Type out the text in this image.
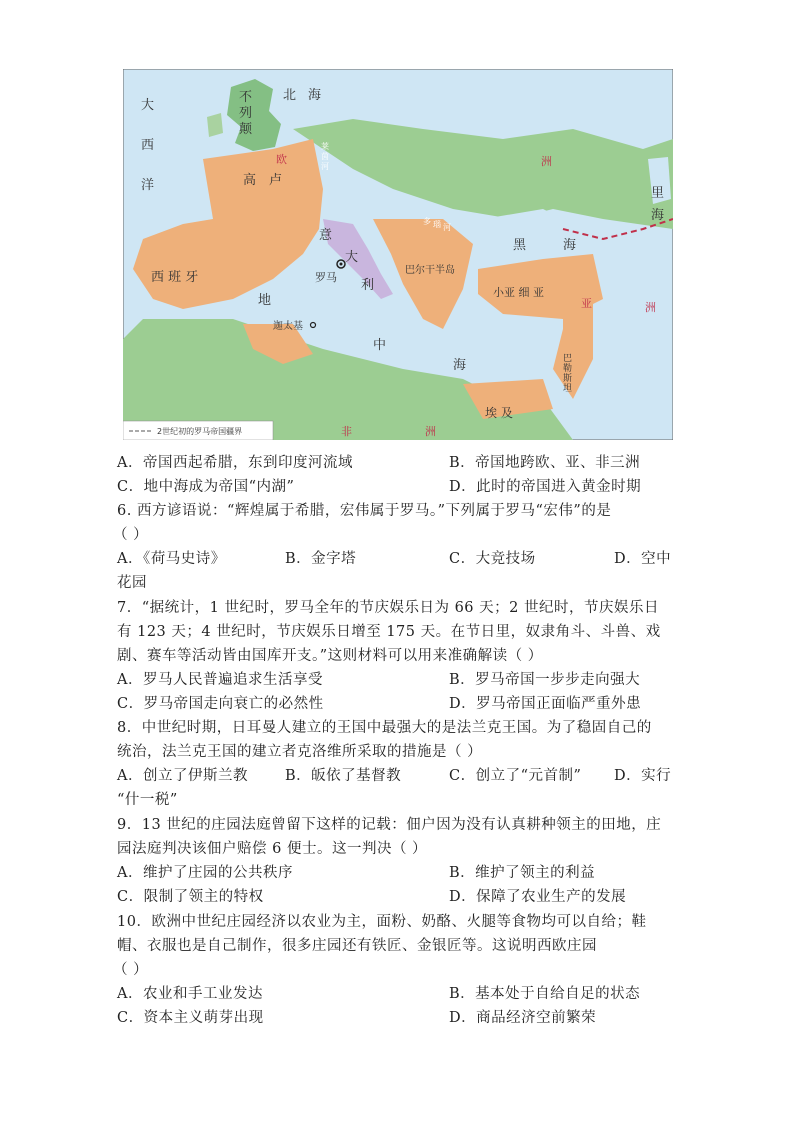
大
西
洋
不
列
颠
北 海
高 卢
意
大
利
罗马
西 班 牙	巴尔干半岛
小亚 细 亚
黑	海
里
海
地
中
海
迦太基
埃 及
巴
勒
斯
坦
欧	洲
亚	洲
非	洲
莱
茵
河
多 瑙 河
2世纪初的罗马帝国疆界
A．帝国西起希腊，东到印度河流域	B．帝国地跨欧、亚、非三洲
C．地中海成为帝国“内湖”	D．此时的帝国进入黄金时期
6. 西方谚语说：“辉煌属于希腊，宏伟属于罗马。”下列属于罗马“宏伟”的是
（ ）
A．《荷马史诗》	B．金字塔	C．大竞技场	D．空中
花园
7．“据统计，1 世纪时，罗马全年的节庆娱乐日为 66 天；2 世纪时，节庆娱乐日
有 123 天；4 世纪时，节庆娱乐日增至 175 天。在节日里，奴隶角斗、斗兽、戏
剧、赛车等活动皆由国库开支。”这则材料可以用来准确解读（ ）
A．罗马人民普遍追求生活享受	B．罗马帝国一步步走向强大
C．罗马帝国走向衰亡的必然性	D．罗马帝国正面临严重外患
8．中世纪时期，日耳曼人建立的王国中最强大的是法兰克王国。为了稳固自己的
统治，法兰克王国的建立者克洛维所采取的措施是（ ）
A．创立了伊斯兰教	B．皈依了基督教	C．创立了“元首制” D．实行
“什一税”
9．13 世纪的庄园法庭曾留下这样的记载：佃户因为没有认真耕种领主的田地，庄
园法庭判决该佃户赔偿 6 便士。这一判决（ ）
A．维护了庄园的公共秩序	B．维护了领主的利益
C．限制了领主的特权	D．保障了农业生产的发展
10．欧洲中世纪庄园经济以农业为主，面粉、奶酪、火腿等食物均可以自给；鞋
帽、衣服也是自己制作，很多庄园还有铁匠、金银匠等。这说明西欧庄园
（ ）
A．农业和手工业发达	B．基本处于自给自足的状态
C．资本主义萌芽出现	D．商品经济空前繁荣
